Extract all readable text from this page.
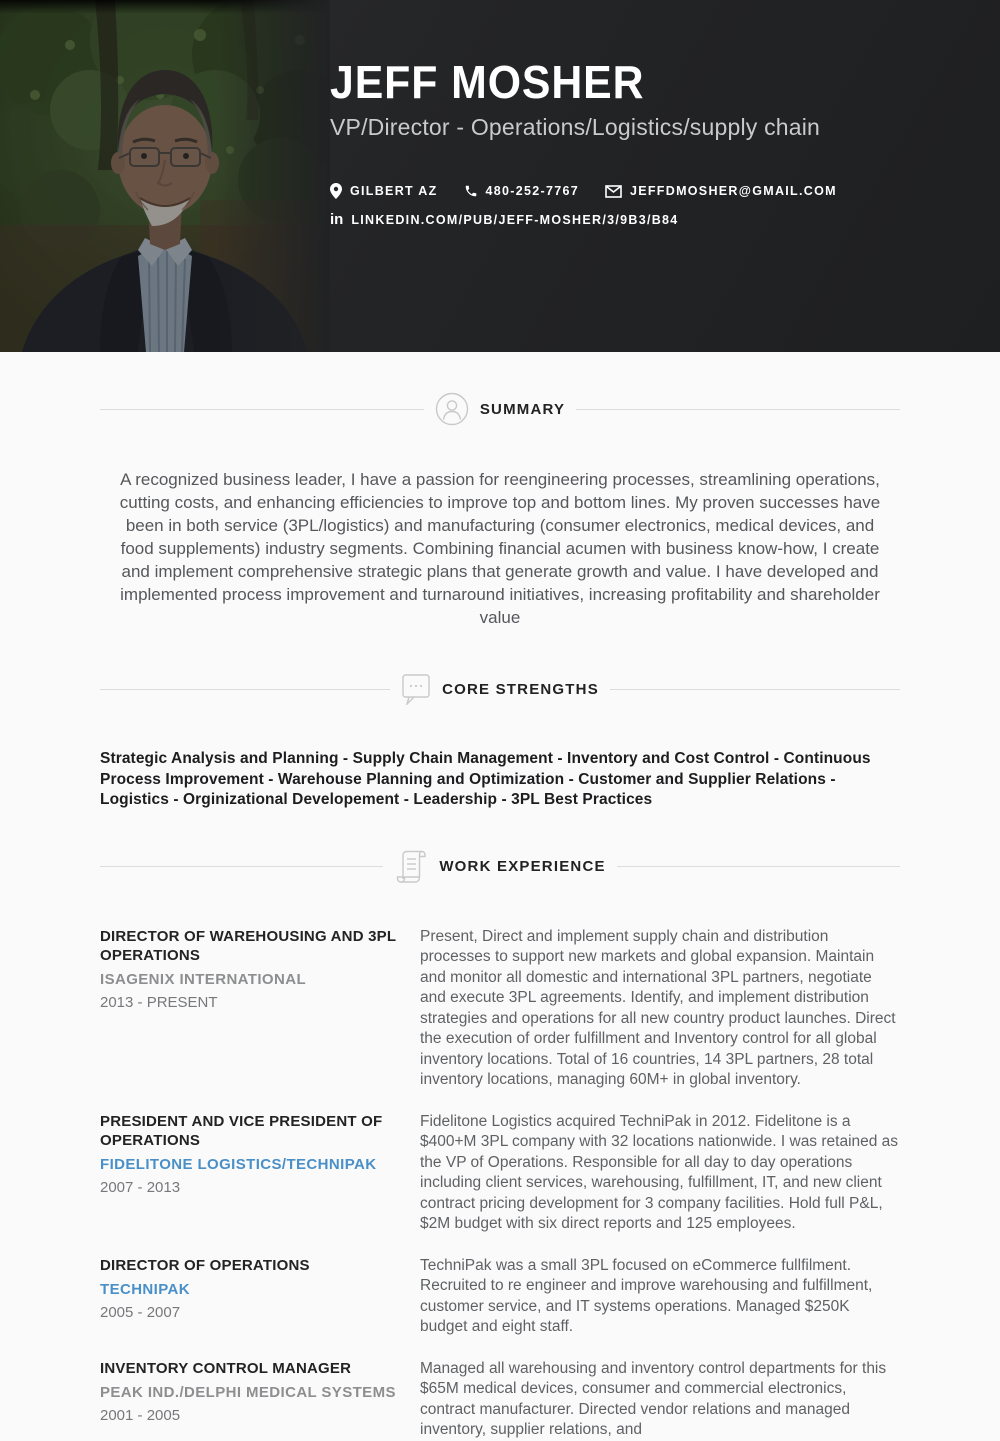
JEFF MOSHER
VP/Director - Operations/Logistics/supply chain
GILBERT AZ	480-252-7767	JEFFDMOSHER@GMAIL.COM
in LINKEDIN.COM/PUB/JEFF-MOSHER/3/9B3/B84
SUMMARY

A recognized business leader, I have a passion for reengineering processes, streamlining operations, cutting costs, and enhancing efficiencies to improve top and bottom lines. My proven successes have been in both service (3PL/logistics) and manufacturing (consumer electronics, medical devices, and food supplements) industry segments. Combining financial acumen with business know-how, I create and implement comprehensive strategic plans that generate growth and value. I have developed and implemented process improvement and turnaround initiatives, increasing profitability and shareholder value

CORE STRENGTHS

Strategic Analysis and Planning - Supply Chain Management - Inventory and Cost Control - Continuous Process Improvement - Warehouse Planning and Optimization - Customer and Supplier Relations - Logistics - Orginizational Developement - Leadership - 3PL Best Practices

WORK EXPERIENCE
DIRECTOR OF WAREHOUSING AND 3PL OPERATIONS
ISAGENIX INTERNATIONAL
2013 - PRESENT
Present, Direct and implement supply chain and distribution processes to support new markets and global expansion. Maintain and monitor all domestic and international 3PL partners, negotiate and execute 3PL agreements. Identify, and implement distribution strategies and operations for all new country product launches. Direct the execution of order fulfillment and Inventory control for all global inventory locations. Total of 16 countries, 14 3PL partners, 28 total inventory locations, managing 60M+ in global inventory.
PRESIDENT AND VICE PRESIDENT OF OPERATIONS
FIDELITONE LOGISTICS/TECHNIPAK
2007 - 2013
Fidelitone Logistics acquired TechniPak in 2012. Fidelitone is a $400+M 3PL company with 32 locations nationwide. I was retained as the VP of Operations. Responsible for all day to day operations including client services, warehousing, fulfillment, IT, and new client contract pricing development for 3 company facilities. Hold full P&L, $2M budget with six direct reports and 125 employees.
DIRECTOR OF OPERATIONS
TECHNIPAK
2005 - 2007
TechniPak was a small 3PL focused on eCommerce fullfilment. Recruited to re engineer and improve warehousing and fulfillment, customer service, and IT systems operations. Managed $250K budget and eight staff.
INVENTORY CONTROL MANAGER
PEAK IND./DELPHI MEDICAL SYSTEMS
2001 - 2005
Managed all warehousing and inventory control departments for this $65M medical devices, consumer and commercial electronics, contract manufacturer. Directed vendor relations and managed inventory, supplier relations, and
